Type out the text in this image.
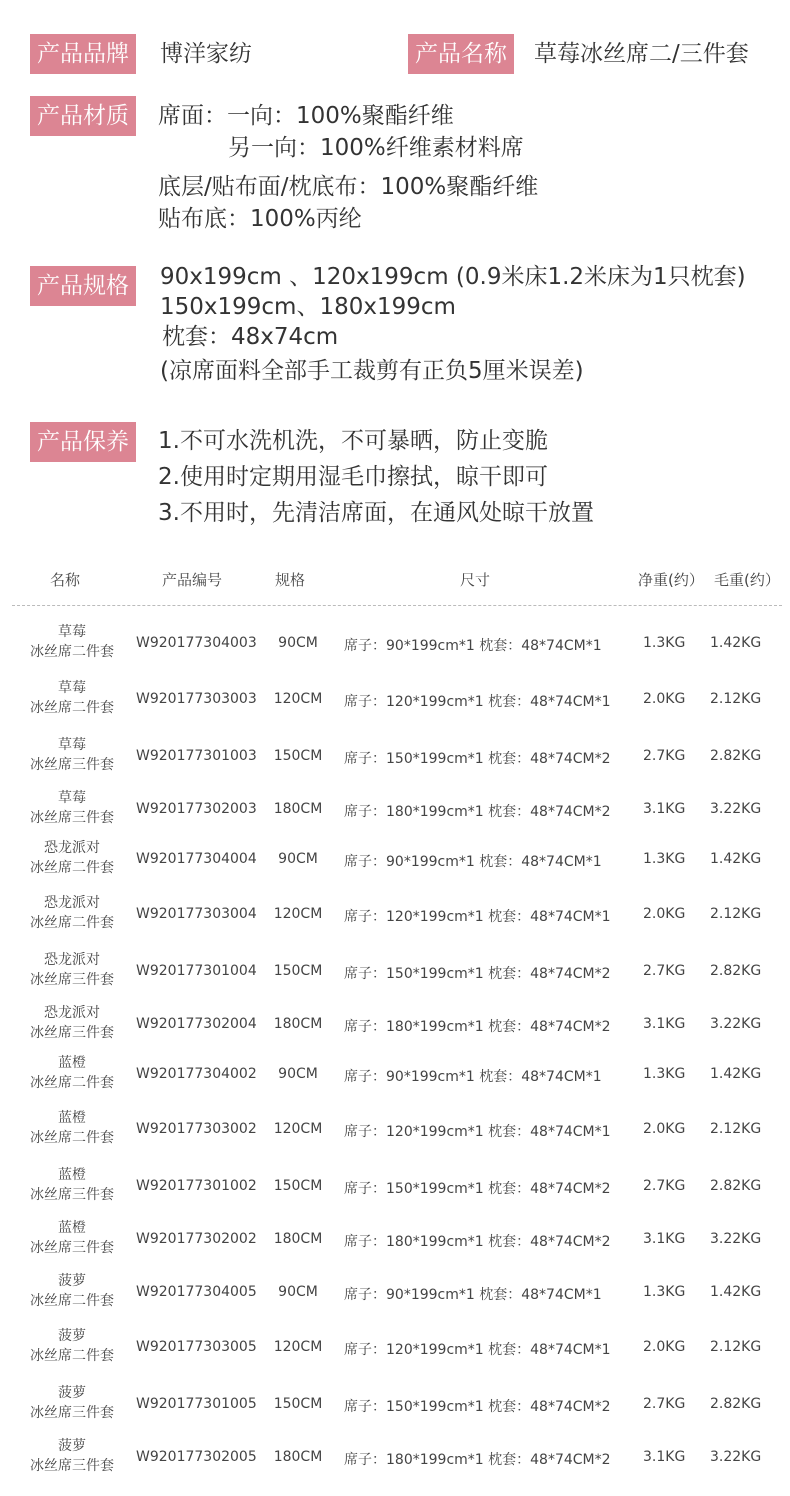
产品品牌	博洋家纺	产品名称	草莓冰丝席二/三件套
产品材质	席面：一向：100%聚酯纤维
另一向：100%纤维素材料席
底层/贴布面/枕底布：100%聚酯纤维
贴布底：100%丙纶
产品规格	90x199cm 、120x199cm (0.9米床1.2米床为1只枕套)
150x199cm、180x199cm
枕套：48x74cm
(凉席面料全部手工裁剪有正负5厘米误差)
产品保养	1.不可水洗机洗，不可暴晒，防止变脆
2.使用时定期用湿毛巾擦拭，晾干即可
3.不用时，先清洁席面，在通风处晾干放置
名称	产品编号	规格	尺寸	净重(约） 毛重(约）
草莓
冰丝席二件套
W920177304003	90CM	席子：90*199cm*1 枕套：48*74CM*1	1.3KG 1.42KG
草莓
冰丝席二件套
W920177303003 120CM 席子：120*199cm*1 枕套：48*74CM*1 2.0KG 2.12KG
草莓
冰丝席三件套
W920177301003 150CM 席子：150*199cm*1 枕套：48*74CM*2 2.7KG 2.82KG
草莓
冰丝席三件套
W920177302003 180CM 席子：180*199cm*1 枕套：48*74CM*2 3.1KG 3.22KG
恐龙派对
冰丝席二件套
W920177304004	90CM	席子：90*199cm*1 枕套：48*74CM*1	1.3KG 1.42KG
恐龙派对
冰丝席二件套
W920177303004 120CM 席子：120*199cm*1 枕套：48*74CM*1 2.0KG 2.12KG
恐龙派对
冰丝席三件套
W920177301004 150CM 席子：150*199cm*1 枕套：48*74CM*2 2.7KG 2.82KG
恐龙派对
冰丝席三件套
W920177302004 180CM 席子：180*199cm*1 枕套：48*74CM*2 3.1KG 3.22KG
蓝橙
冰丝席二件套
W920177304002	90CM	席子：90*199cm*1 枕套：48*74CM*1	1.3KG 1.42KG
蓝橙
冰丝席二件套
W920177303002 120CM 席子：120*199cm*1 枕套：48*74CM*1 2.0KG 2.12KG
蓝橙
冰丝席三件套
W920177301002 150CM 席子：150*199cm*1 枕套：48*74CM*2 2.7KG 2.82KG
蓝橙
冰丝席三件套
W920177302002 180CM 席子：180*199cm*1 枕套：48*74CM*2 3.1KG 3.22KG
菠萝
冰丝席二件套
W920177304005	90CM	席子：90*199cm*1 枕套：48*74CM*1	1.3KG 1.42KG
菠萝
冰丝席二件套
W920177303005 120CM 席子：120*199cm*1 枕套：48*74CM*1 2.0KG 2.12KG
菠萝
冰丝席三件套
W920177301005 150CM 席子：150*199cm*1 枕套：48*74CM*2 2.7KG 2.82KG
菠萝
冰丝席三件套
W920177302005 180CM 席子：180*199cm*1 枕套：48*74CM*2 3.1KG 3.22KG
